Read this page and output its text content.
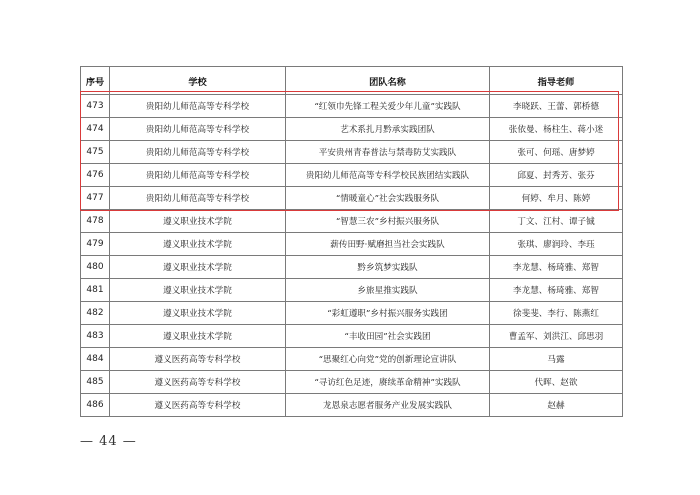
序号	学校	团队名称	指导老师
473	贵阳幼儿师范高等专科学校	“红领巾先锋工程关爱少年儿童”实践队	李晓跃、王蕾、郭桥德
474	贵阳幼儿师范高等专科学校	艺术系扎月黔承实践团队	张依曼、杨柱生、蒋小迷
475	贵阳幼儿师范高等专科学校	平安贵州青春普法与禁毒防艾实践队	张可、何瑶、唐梦婷
476	贵阳幼儿师范高等专科学校	贵阳幼儿师范高等专科学校民族团结实践队	邱夏、封秀芳、张芬
477	贵阳幼儿师范高等专科学校	“情暖童心”社会实践服务队	何婷、牟月、陈婷
478	遵义职业技术学院	“智慧三农”乡村振兴服务队	丁文、江村、谭子铖
479	遵义职业技术学院	薪传田野·赋磨担当社会实践队	张琪、廖润玲、李珏
480	遵义职业技术学院	黔乡筑梦实践队	李龙慧、杨琦雅、郑智
481	遵义职业技术学院	乡旅星推实践队	李龙慧、杨琦雅、郑智
482	遵义职业技术学院	“彩虹遵职”乡村振兴服务实践团	徐斐斐、李行、陈燕红
483	遵义职业技术学院	“丰收田园”社会实践团	曹孟军、刘洪江、邱思羽
484	遵义医药高等专科学校	“思聚红心向党”党的创新理论宣讲队	马露
485	遵义医药高等专科学校	“寻访红色足迹，赓续革命精神”实践队	代晖、赵欲
486	遵义医药高等专科学校	龙恩泉志愿者服务产业发展实践队	赵赫
— 44 —
